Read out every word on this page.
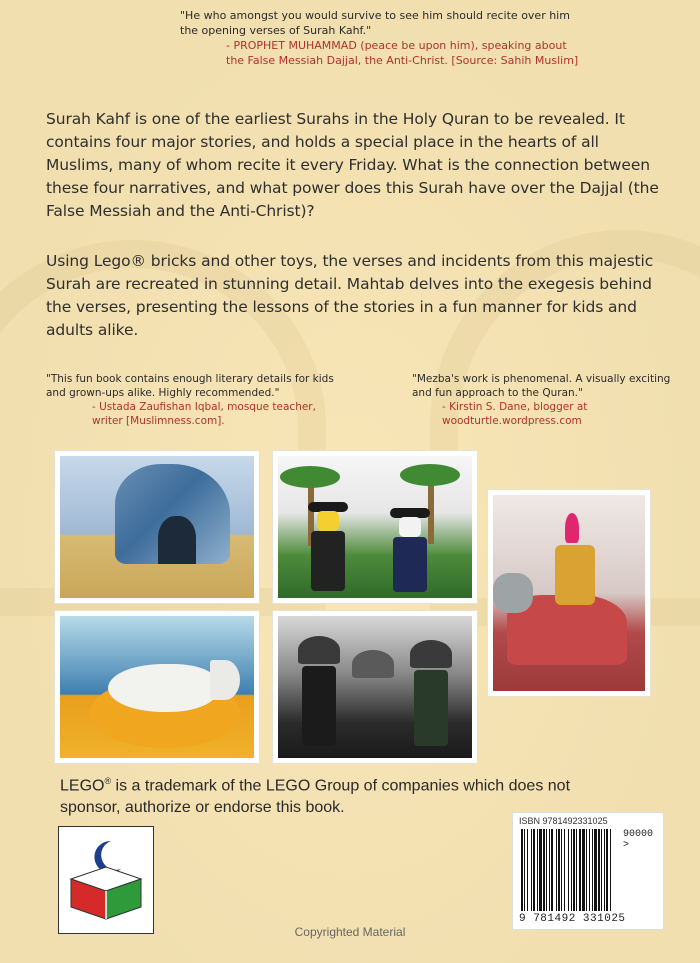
"He who amongst you would survive to see him should recite over him the opening verses of Surah Kahf."
- PROPHET MUHAMMAD (peace be upon him), speaking about the False Messiah Dajjal, the Anti-Christ. [Source: Sahih Muslim]
Surah Kahf is one of the earliest Surahs in the Holy Quran to be revealed. It contains four major stories, and holds a special place in the hearts of all Muslims, many of whom recite it every Friday. What is the connection between these four narratives, and what power does this Surah have over the Dajjal (the False Messiah and the Anti-Christ)?
Using Lego® bricks and other toys, the verses and incidents from this majestic Surah are recreated in stunning detail. Mahtab delves into the exegesis behind the verses, presenting the lessons of the stories in a fun manner for kids and adults alike.
"This fun book contains enough literary details for kids and grown-ups alike. Highly recommended."
- Ustada Zaufishan Iqbal, mosque teacher, writer [Muslimness.com].
"Mezba's work is phenomenal. A visually exciting and fun approach to the Quran."
- Kirstin S. Dane, blogger at woodturtle.wordpress.com
LEGO® is a trademark of the LEGO Group of companies which does not sponsor, authorize or endorse this book.
ISBN 9781492331025
90000 >
9 781492 331025
Copyrighted Material
